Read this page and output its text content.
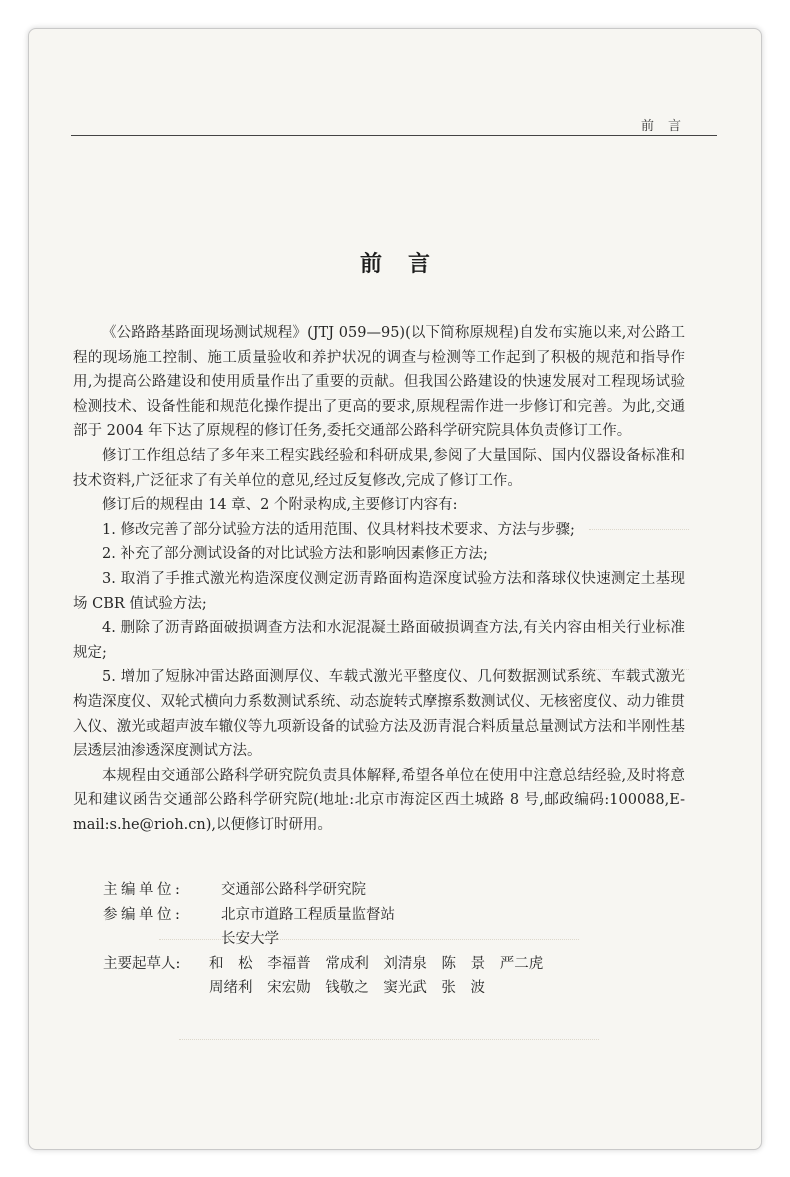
前言
前言

《公路路基路面现场测试规程》(JTJ 059—95)(以下简称原规程)自发布实施以来,对公路工程的现场施工控制、施工质量验收和养护状况的调查与检测等工作起到了积极的规范和指导作用,为提高公路建设和使用质量作出了重要的贡献。但我国公路建设的快速发展对工程现场试验检测技术、设备性能和规范化操作提出了更高的要求,原规程需作进一步修订和完善。为此,交通部于 2004 年下达了原规程的修订任务,委托交通部公路科学研究院具体负责修订工作。

修订工作组总结了多年来工程实践经验和科研成果,参阅了大量国际、国内仪器设备标准和技术资料,广泛征求了有关单位的意见,经过反复修改,完成了修订工作。

修订后的规程由 14 章、2 个附录构成,主要修订内容有:

1. 修改完善了部分试验方法的适用范围、仪具材料技术要求、方法与步骤;

2. 补充了部分测试设备的对比试验方法和影响因素修正方法;

3. 取消了手推式激光构造深度仪测定沥青路面构造深度试验方法和落球仪快速测定土基现场 CBR 值试验方法;

4. 删除了沥青路面破损调查方法和水泥混凝土路面破损调查方法,有关内容由相关行业标准规定;

5. 增加了短脉冲雷达路面测厚仪、车载式激光平整度仪、几何数据测试系统、车载式激光构造深度仪、双轮式横向力系数测试系统、动态旋转式摩擦系数测试仪、无核密度仪、动力锥贯入仪、激光或超声波车辙仪等九项新设备的试验方法及沥青混合料质量总量测试方法和半刚性基层透层油渗透深度测试方法。

本规程由交通部公路科学研究院负责具体解释,希望各单位在使用中注意总结经验,及时将意见和建议函告交通部公路科学研究院(地址:北京市海淀区西土城路 8 号,邮政编码:100088,E-mail:s.he@rioh.cn),以便修订时研用。

主编单位:	交通部公路科学研究院
参编单位:	北京市道路工程质量监督站
长安大学
主要起草人:	和 松 李福普 常成利 刘清泉 陈 景 严二虎
周绪利 宋宏勋 钱敬之 窦光武 张 波
